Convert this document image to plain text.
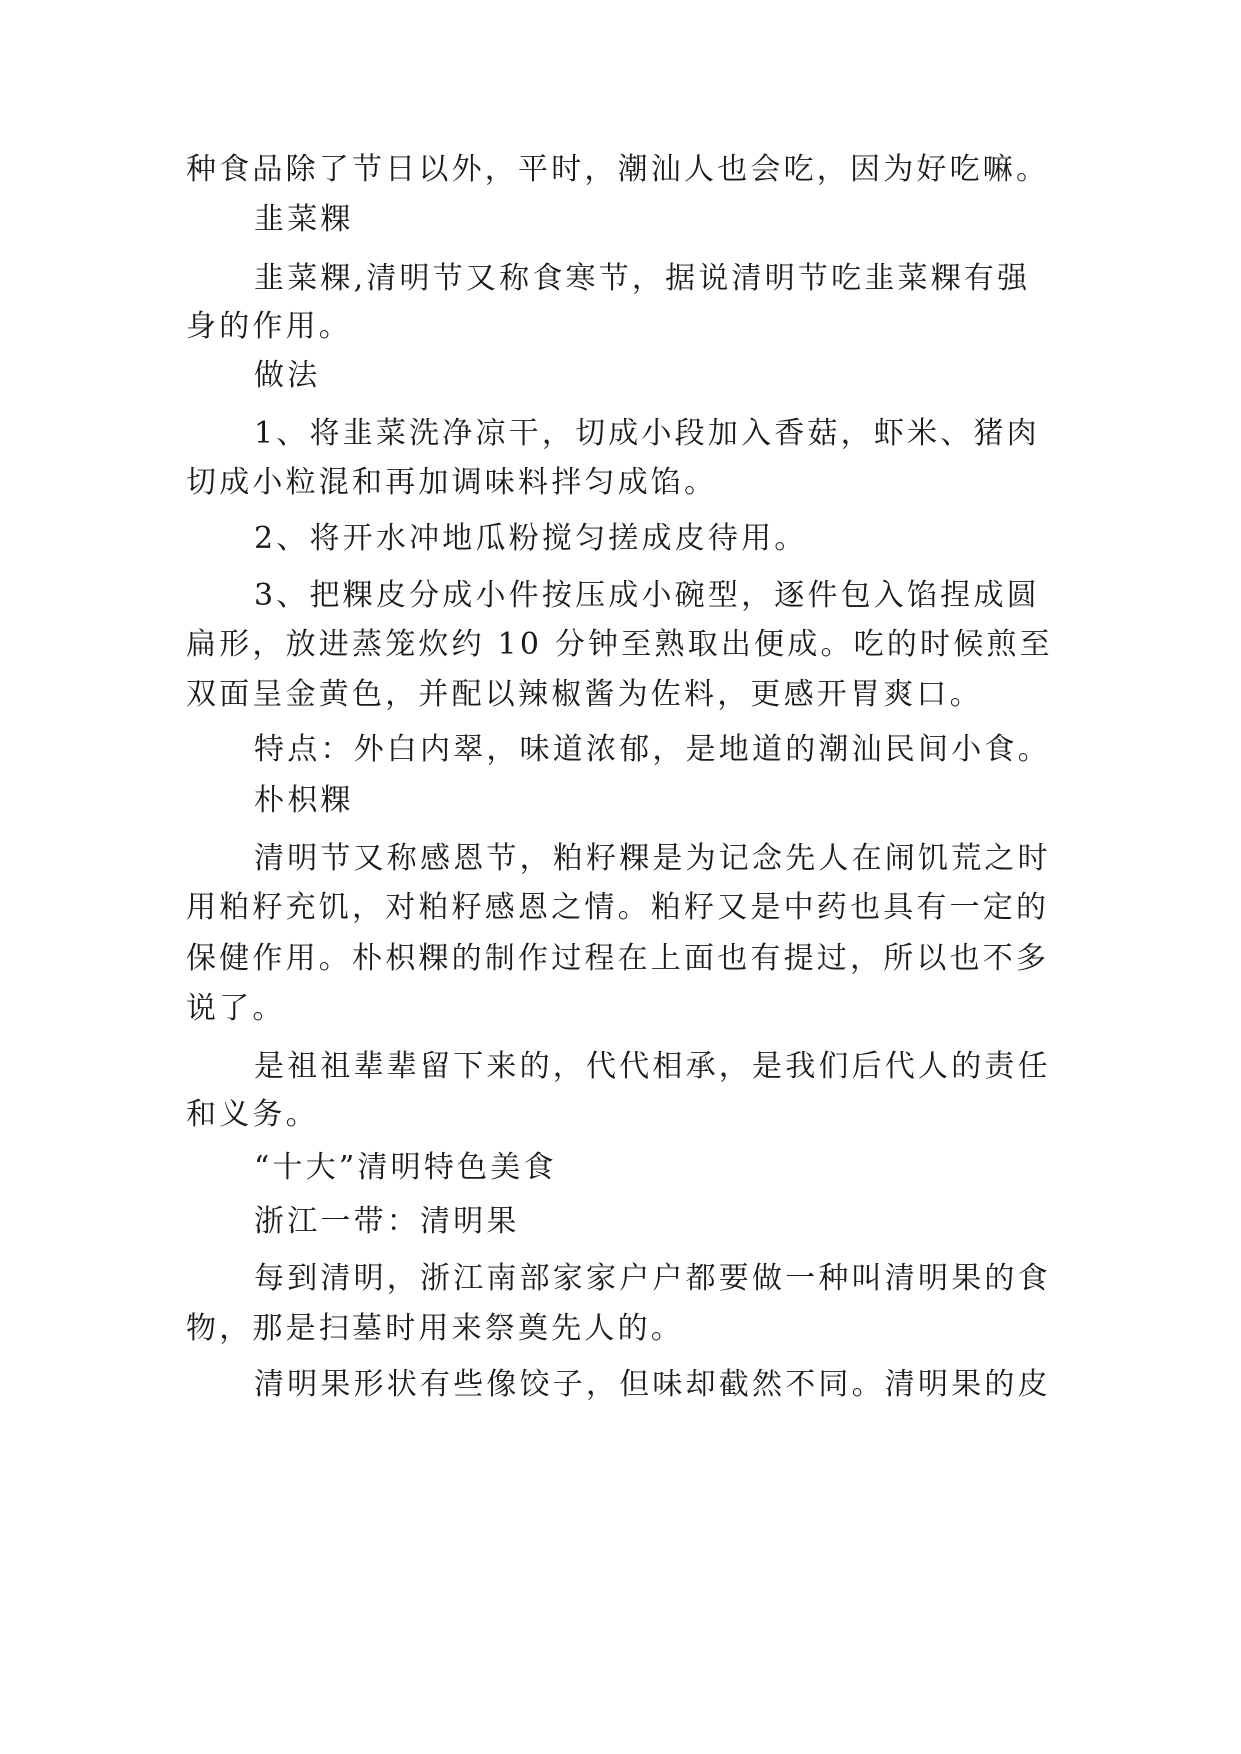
种食品除了节日以外，平时，潮汕人也会吃，因为好吃嘛。
韭菜粿
韭菜粿,清明节又称食寒节，据说清明节吃韭菜粿有强
身的作用。
做法
1、将韭菜洗净凉干，切成小段加入香菇，虾米、猪肉
切成小粒混和再加调味料拌匀成馅。
2、将开水冲地瓜粉搅匀搓成皮待用。
3、把粿皮分成小件按压成小碗型，逐件包入馅捏成圆
扁形，放进蒸笼炊约 10 分钟至熟取出便成。吃的时候煎至
双面呈金黄色，并配以辣椒酱为佐料，更感开胃爽口。
特点：外白内翠，味道浓郁，是地道的潮汕民间小食。
朴枳粿
清明节又称感恩节，粕籽粿是为记念先人在闹饥荒之时
用粕籽充饥，对粕籽感恩之情。粕籽又是中药也具有一定的
保健作用。朴枳粿的制作过程在上面也有提过，所以也不多
说了。
是祖祖辈辈留下来的，代代相承，是我们后代人的责任
和义务。
“十大”清明特色美食
浙江一带：清明果
每到清明，浙江南部家家户户都要做一种叫清明果的食
物，那是扫墓时用来祭奠先人的。
清明果形状有些像饺子，但味却截然不同。清明果的皮
